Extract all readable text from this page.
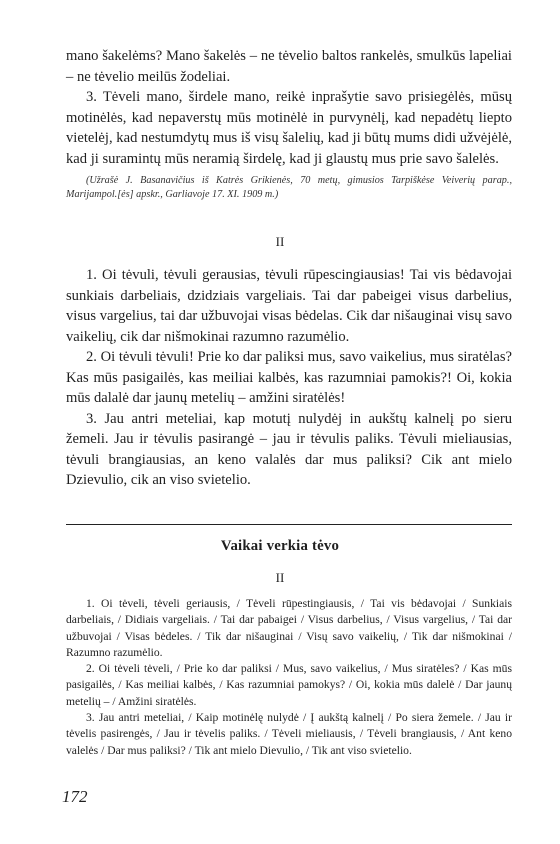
mano šakelėms? Mano šakelės – ne tėvelio baltos rankelės, smulkūs lapeliai – ne tėvelio meilūs žodeliai.

3. Tėveli mano, širdele mano, reikė inprašytie savo prisiegėlės, mūsų motinėlės, kad nepaverstų mūs motinėlė in purvynėlį, kad nepadėtų liepto vietelėj, kad nestumdytų mus iš visų šalelių, kad ji būtų mums didi užvėjėlė, kad ji suramintų mūs neramią širdelę, kad ji glaustų mus prie savo šalelės.

(Užrašė J. Basanavičius iš Katrės Grikienės, 70 metų, gimusios Tarpiškėse Veiverių parap., Marijampol.[ės] apskr., Garliavoje 17. XI. 1909 m.)

II

1. Oi tėvuli, tėvuli gerausias, tėvuli rūpescingiausias! Tai vis bėdavojai sunkiais darbeliais, dzidziais vargeliais. Tai dar pabeigei visus darbelius, visus vargelius, tai dar užbuvojai visas bėdelas. Cik dar nišauginai visų savo vaikelių, cik dar nišmokinai razumno razumėlio.

2. Oi tėvuli tėvuli! Prie ko dar paliksi mus, savo vaikelius, mus siratėlas? Kas mūs pasigailės, kas meiliai kalbės, kas razumniai pamokis?! Oi, kokia mūs dalalė dar jaunų metelių – amžini siratėlės!

3. Jau antri meteliai, kap motutį nulydėj in aukštų kalnelį po sieru žemeli. Jau ir tėvulis pasirangė – jau ir tėvulis paliks. Tėvuli mieliausias, tėvuli brangiausias, an keno valalės dar mus paliksi? Cik ant mielo Dzievulio, cik an viso svietelio.

Vaikai verkia tėvo
II

1. Oi tėveli, tėveli geriausis, / Tėveli rūpestingiausis, / Tai vis bėdavojai / Sunkiais darbeliais, / Didiais vargeliais. / Tai dar pabaigei / Visus darbelius, / Visus vargelius, / Tai dar užbuvojai / Visas bėdeles. / Tik dar nišauginai / Visų savo vaikelių, / Tik dar nišmokinai / Razumno razumėlio.

2. Oi tėveli tėveli, / Prie ko dar paliksi / Mus, savo vaikelius, / Mus siratėles? / Kas mūs pasigailės, / Kas meiliai kalbės, / Kas razumniai pamokys? / Oi, kokia mūs dalelė / Dar jaunų metelių – / Amžini siratėlės.

3. Jau antri meteliai, / Kaip motinėlę nulydė / Į aukštą kalnelį / Po siera žemele. / Jau ir tėvelis pasirengės, / Jau ir tėvelis paliks. / Tėveli mieliausis, / Tėveli brangiausis, / Ant keno valelės / Dar mus paliksi? / Tik ant mielo Dievulio, / Tik ant viso svietelio.

172
